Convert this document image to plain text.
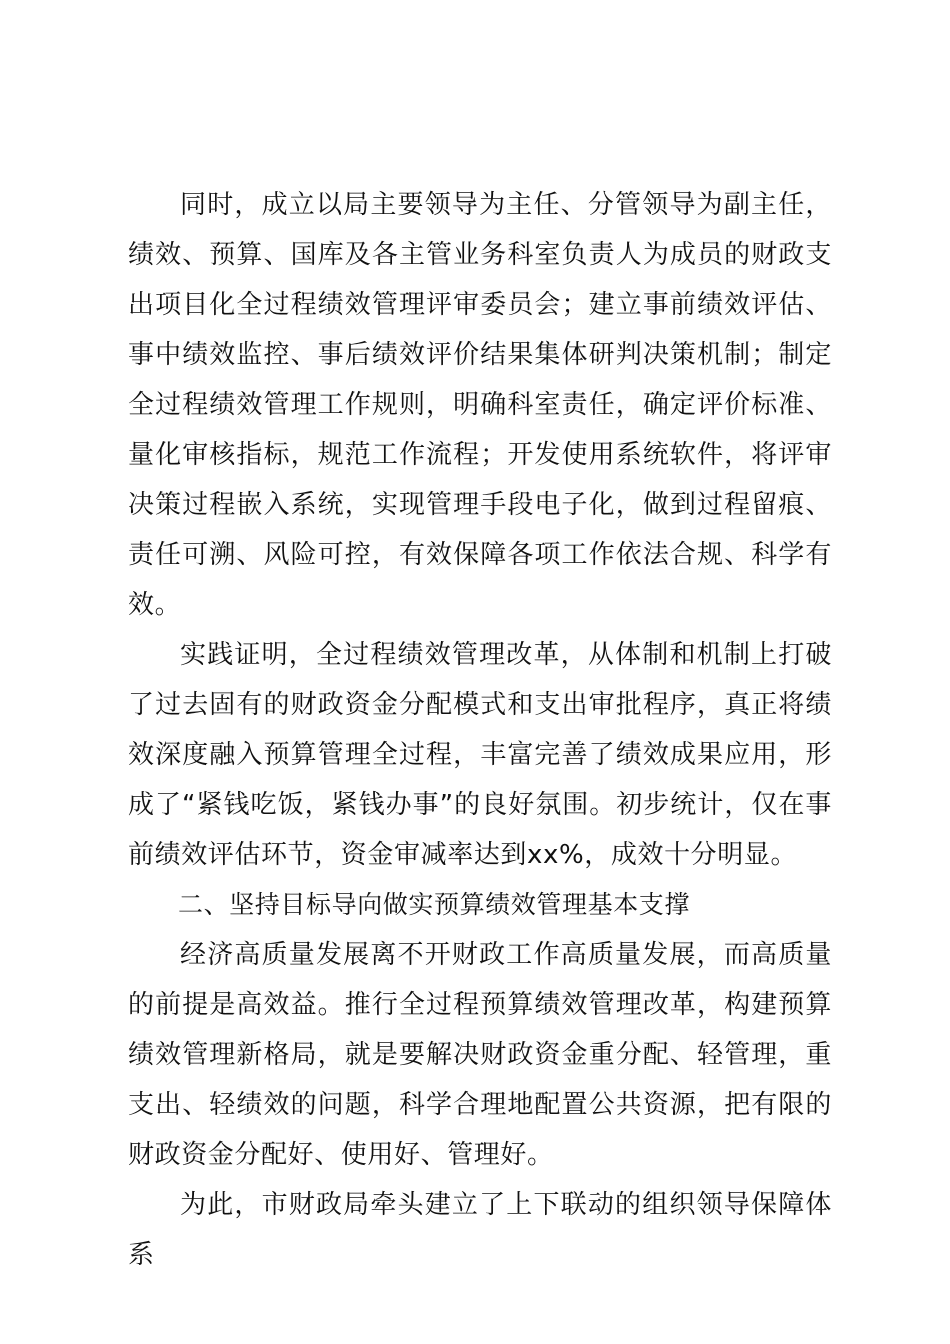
同时，成立以局主要领导为主任、分管领导为副主任，绩效、预算、国库及各主管业务科室负责人为成员的财政支出项目化全过程绩效管理评审委员会；建立事前绩效评估、事中绩效监控、事后绩效评价结果集体研判决策机制；制定全过程绩效管理工作规则，明确科室责任，确定评价标准、量化审核指标，规范工作流程；开发使用系统软件，将评审决策过程嵌入系统，实现管理手段电子化，做到过程留痕、责任可溯、风险可控，有效保障各项工作依法合规、科学有效。

实践证明，全过程绩效管理改革，从体制和机制上打破了过去固有的财政资金分配模式和支出审批程序，真正将绩效深度融入预算管理全过程，丰富完善了绩效成果应用，形成了“紧钱吃饭，紧钱办事”的良好氛围。初步统计，仅在事前绩效评估环节，资金审减率达到xx%，成效十分明显。

二、坚持目标导向做实预算绩效管理基本支撑

经济高质量发展离不开财政工作高质量发展，而高质量的前提是高效益。推行全过程预算绩效管理改革，构建预算绩效管理新格局，就是要解决财政资金重分配、轻管理，重支出、轻绩效的问题，科学合理地配置公共资源，把有限的财政资金分配好、使用好、管理好。

为此，市财政局牵头建立了上下联动的组织领导保障体系
